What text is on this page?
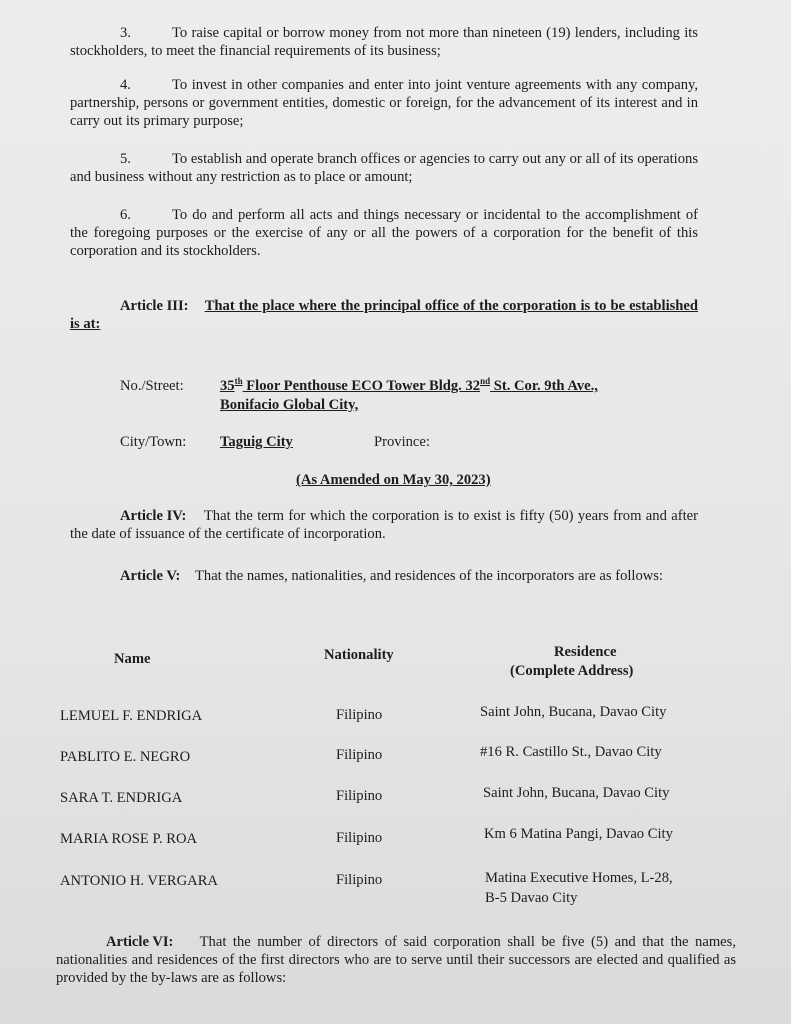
3.	To raise capital or borrow money from not more than nineteen (19) lenders, including its stockholders, to meet the financial requirements of its business;
4.	To invest in other companies and enter into joint venture agreements with any company, partnership, persons or government entities, domestic or foreign, for the advancement of its interest and in carry out its primary purpose;
5.	To establish and operate branch offices or agencies to carry out any or all of its operations and business without any restriction as to place or amount;
6.	To do and perform all acts and things necessary or incidental to the accomplishment of the foregoing purposes or the exercise of any or all the powers of a corporation for the benefit of this corporation and its stockholders.
Article III: That the place where the principal office of the corporation is to be established is at:
No./Street: 35th Floor Penthouse ECO Tower Bldg. 32nd St. Cor. 9th Ave.,
Bonifacio Global City,
City/Town: Taguig City	Province:
(As Amended on May 30, 2023)
Article IV: That the term for which the corporation is to exist is fifty (50) years from and after the date of issuance of the certificate of incorporation.
Article V: That the names, nationalities, and residences of the incorporators are as follows:
Name	Nationality	Residence
(Complete Address)
LEMUEL F. ENDRIGA	Filipino	Saint John, Bucana, Davao City
PABLITO E. NEGRO	Filipino	#16 R. Castillo St., Davao City
SARA T. ENDRIGA	Filipino	Saint John, Bucana, Davao City
MARIA ROSE P. ROA	Filipino	Km 6 Matina Pangi, Davao City
ANTONIO H. VERGARA	Filipino	Matina Executive Homes, L-28,
B-5 Davao City
Article VI: That the number of directors of said corporation shall be five (5) and that the names, nationalities and residences of the first directors who are to serve until their successors are elected and qualified as provided by the by-laws are as follows:
